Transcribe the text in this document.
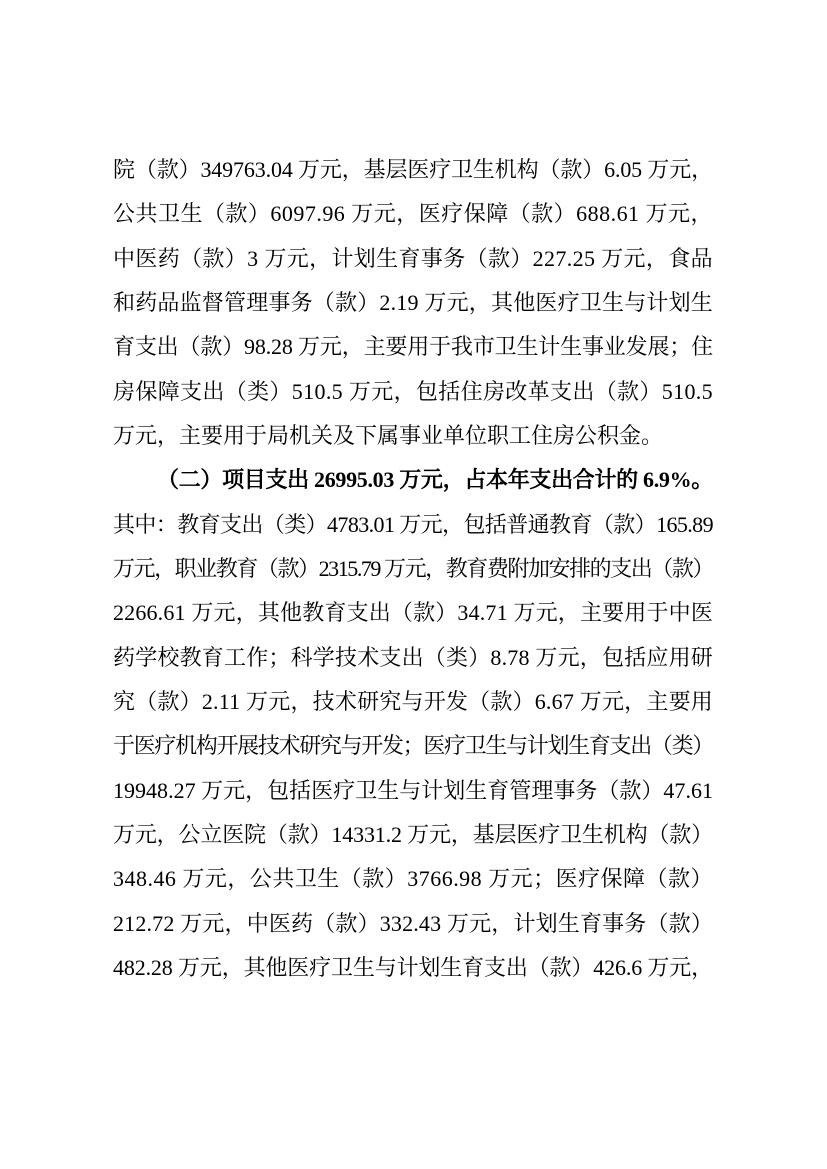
院（款）349763.04 万元，基层医疗卫生机构（款）6.05 万元，
公共卫生（款）6097.96 万元，医疗保障（款）688.61 万元，
中医药（款）3 万元，计划生育事务（款）227.25 万元，食品
和药品监督管理事务（款）2.19 万元，其他医疗卫生与计划生
育支出（款）98.28 万元，主要用于我市卫生计生事业发展；住
房保障支出（类）510.5 万元，包括住房改革支出（款）510.5
万元，主要用于局机关及下属事业单位职工住房公积金。
（二）项目支出 26995.03 万元，占本年支出合计的 6.9%。
其中：教育支出（类）4783.01 万元，包括普通教育（款）165.89
万元，职业教育（款）2315.79 万元，教育费附加安排的支出（款）
2266.61 万元，其他教育支出（款）34.71 万元，主要用于中医
药学校教育工作；科学技术支出（类）8.78 万元，包括应用研
究（款）2.11 万元，技术研究与开发（款）6.67 万元，主要用
于医疗机构开展技术研究与开发；医疗卫生与计划生育支出（类）
19948.27 万元，包括医疗卫生与计划生育管理事务（款）47.61
万元，公立医院（款）14331.2 万元，基层医疗卫生机构（款）
348.46 万元，公共卫生（款）3766.98 万元；医疗保障（款）
212.72 万元，中医药（款）332.43 万元，计划生育事务（款）
482.28 万元，其他医疗卫生与计划生育支出（款）426.6 万元，
